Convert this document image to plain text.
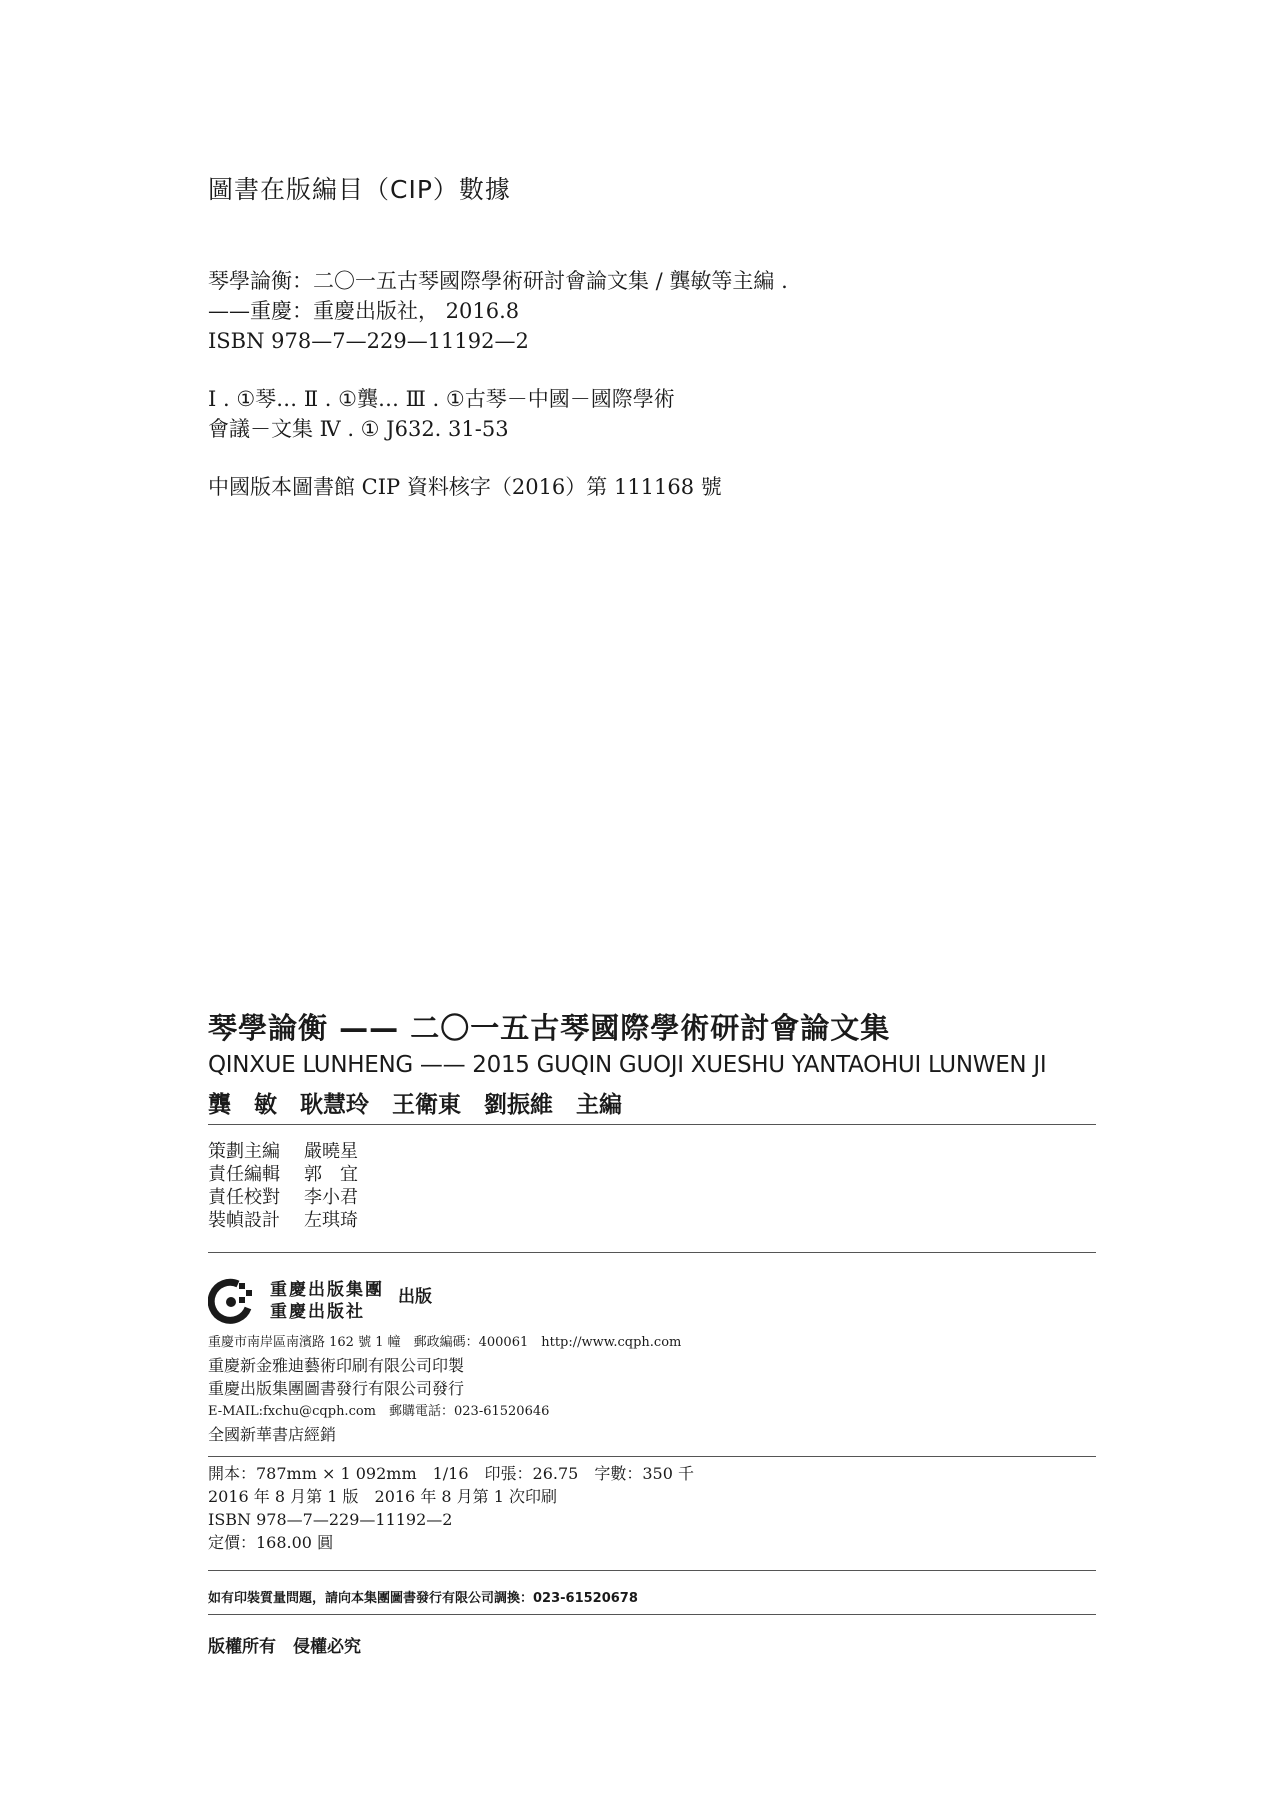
圖書在版編目（CIP）數據
琴學論衡：二〇一五古琴國際學術研討會論文集 / 龔敏等主編 .
——重慶：重慶出版社， 2016.8
ISBN 978—7—229—11192—2
Ⅰ . ①琴… Ⅱ . ①龔… Ⅲ . ①古琴－中國－國際學術
會議－文集 Ⅳ . ① J632. 31-53
中國版本圖書館 CIP 資料核字（2016）第 111168 號
琴學論衡 —— 二〇一五古琴國際學術研討會論文集
QINXUE LUNHENG —— 2015 GUQIN GUOJI XUESHU YANTAOHUI LUNWEN JI
龔　敏　耿慧玲　王衛東　劉振維　主編
策劃主編	嚴曉星
責任編輯	郭　宜
責任校對	李小君
裝幀設計	左琪琦
重慶出版集團
重慶出版社
出版
重慶市南岸區南濱路 162 號 1 幢　郵政編碼：400061　http://www.cqph.com
重慶新金雅迪藝術印刷有限公司印製
重慶出版集團圖書發行有限公司發行
E-MAIL:fxchu@cqph.com　郵購電話：023-61520646
全國新華書店經銷
開本：787mm × 1 092mm　1/16　印張：26.75　字數：350 千
2016 年 8 月第 1 版　2016 年 8 月第 1 次印刷
ISBN 978—7—229—11192—2
定價：168.00 圓
如有印裝質量問題，請向本集團圖書發行有限公司調換：023-61520678
版權所有　侵權必究
